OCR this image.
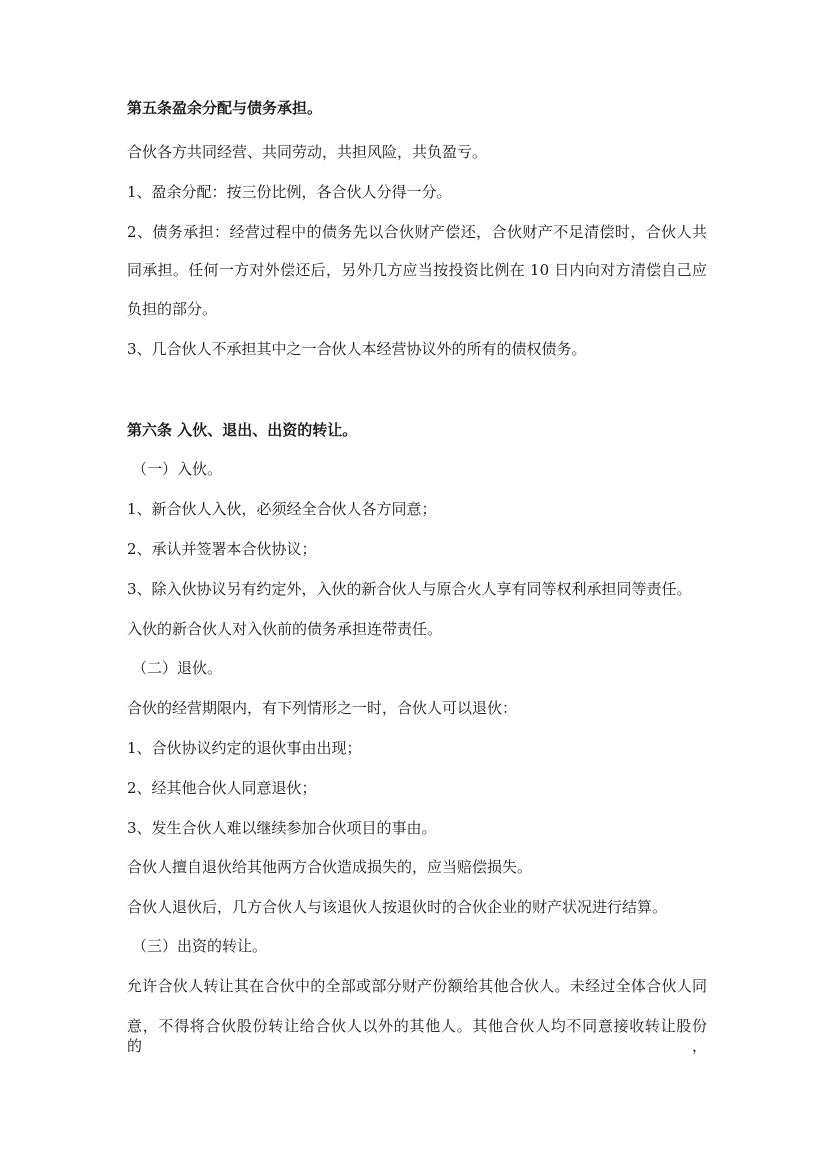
第五条盈余分配与债务承担。
合伙各方共同经营、共同劳动，共担风险，共负盈亏。
1、盈余分配：按三份比例，各合伙人分得一分。
2、债务承担：经营过程中的债务先以合伙财产偿还，合伙财产不足清偿时，合伙人共
同承担。任何一方对外偿还后，另外几方应当按投资比例在 10 日内向对方清偿自己应
负担的部分。
3、几合伙人不承担其中之一合伙人本经营协议外的所有的债权债务。
第六条 入伙、退出、出资的转让。
（一）入伙。
1、新合伙人入伙，必须经全合伙人各方同意；
2、承认并签署本合伙协议；
3、除入伙协议另有约定外，入伙的新合伙人与原合火人享有同等权利承担同等责任。
入伙的新合伙人对入伙前的债务承担连带责任。
（二）退伙。
合伙的经营期限内，有下列情形之一时，合伙人可以退伙：
1、合伙协议约定的退伙事由出现；
2、经其他合伙人同意退伙；
3、发生合伙人难以继续参加合伙项目的事由。
合伙人擅自退伙给其他两方合伙造成损失的，应当赔偿损失。
合伙人退伙后，几方合伙人与该退伙人按退伙时的合伙企业的财产状况进行结算。
（三）出资的转让。
允许合伙人转让其在合伙中的全部或部分财产份额给其他合伙人。未经过全体合伙人同
意，不得将合伙股份转让给合伙人以外的其他人。其他合伙人均不同意接收转让股份的，
